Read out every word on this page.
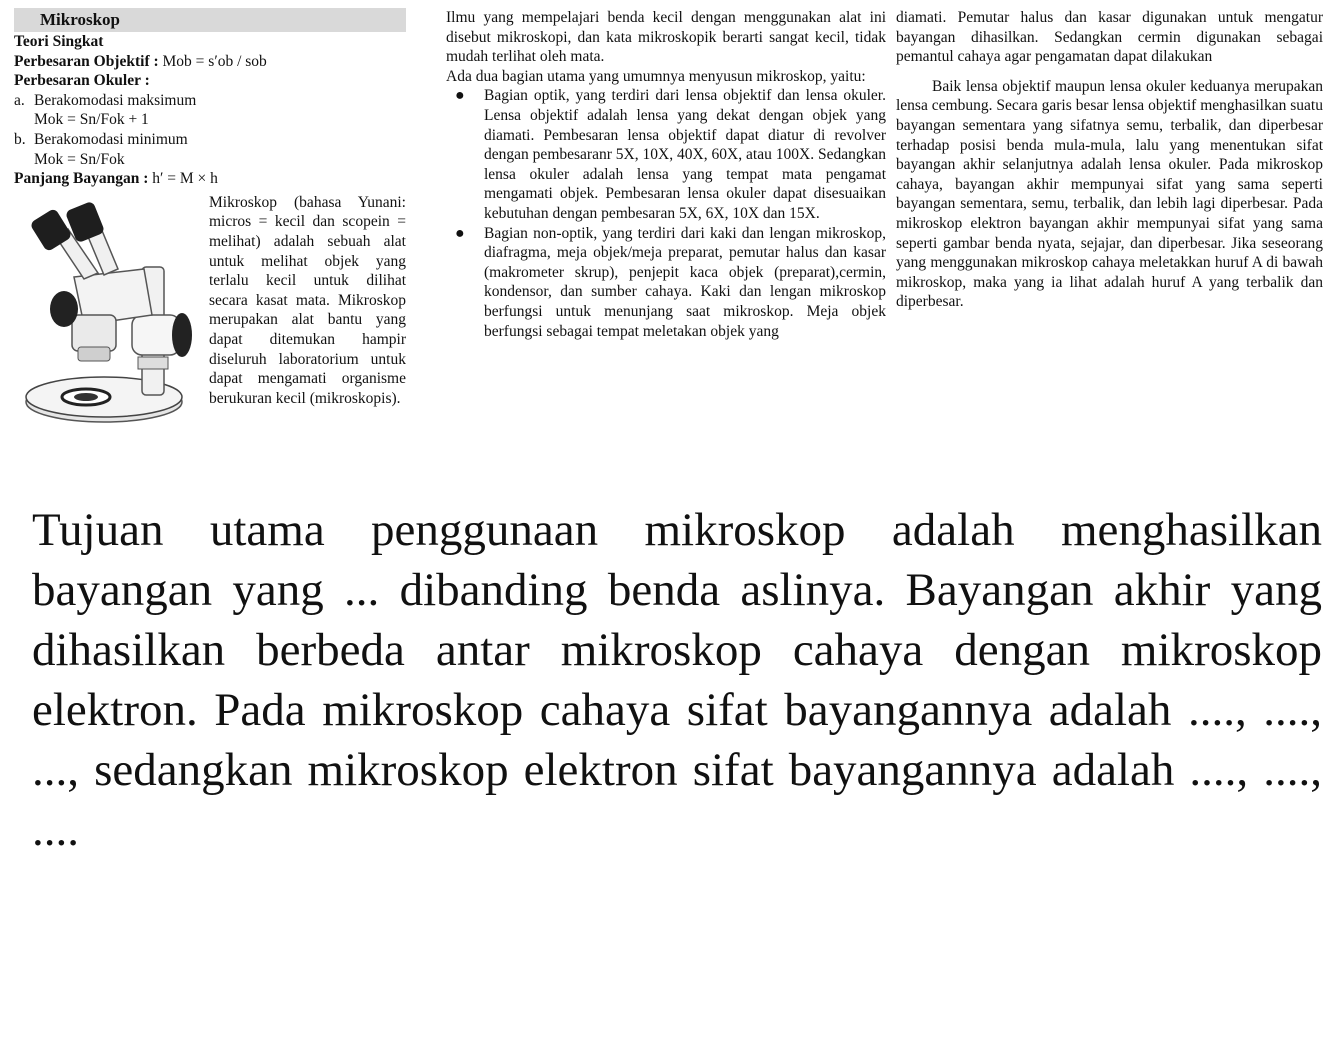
Mikroskop
Teori Singkat
Perbesaran Objektif : Mob = s′ob / sob
Perbesaran Okuler :
a. Berakomodasi maksimum
Mok = Sn/Fok + 1
b. Berakomodasi minimum
Mok = Sn/Fok
Panjang Bayangan : h′ = M × h
Mikroskop (bahasa Yunani:
micros = kecil dan scopein =
melihat) adalah sebuah alat
untuk melihat objek yang
terlalu kecil untuk dilihat
secara kasat mata. Mikroskop
merupakan alat bantu yang
dapat ditemukan hampir
diseluruh laboratorium untuk
dapat mengamati organisme
berukuran kecil (mikroskopis).
Ilmu yang mempelajari benda kecil dengan menggunakan alat ini disebut mikroskopi, dan kata mikroskopik berarti sangat kecil, tidak mudah terlihat oleh mata.
Ada dua bagian utama yang umumnya menyusun mikroskop, yaitu:
● Bagian optik, yang terdiri dari lensa objektif dan lensa okuler. Lensa objektif adalah lensa yang dekat dengan objek yang diamati. Pembesaran lensa objektif dapat diatur di revolver dengan pembesaranr 5X, 10X, 40X, 60X, atau 100X. Sedangkan lensa okuler adalah lensa yang tempat mata pengamat mengamati objek. Pembesaran lensa okuler dapat disesuaikan kebutuhan dengan pembesaran 5X, 6X, 10X dan 15X.
● Bagian non-optik, yang terdiri dari kaki dan lengan mikroskop, diafragma, meja objek/meja preparat, pemutar halus dan kasar (makrometer skrup), penjepit kaca objek (preparat),cermin, kondensor, dan sumber cahaya. Kaki dan lengan mikroskop berfungsi untuk menunjang saat mikroskop. Meja objek berfungsi sebagai tempat meletakan objek yang
diamati. Pemutar halus dan kasar digunakan untuk mengatur bayangan dihasilkan. Sedangkan cermin digunakan sebagai pemantul cahaya agar pengamatan dapat dilakukan
Baik lensa objektif maupun lensa okuler keduanya merupakan lensa cembung. Secara garis besar lensa objektif menghasilkan suatu bayangan sementara yang sifatnya semu, terbalik, dan diperbesar terhadap posisi benda mula-mula, lalu yang menentukan sifat bayangan akhir selanjutnya adalah lensa okuler. Pada mikroskop cahaya, bayangan akhir mempunyai sifat yang sama seperti bayangan sementara, semu, terbalik, dan lebih lagi diperbesar. Pada mikroskop elektron bayangan akhir mempunyai sifat yang sama seperti gambar benda nyata, sejajar, dan diperbesar. Jika seseorang yang menggunakan mikroskop cahaya meletakkan huruf A di bawah mikroskop, maka yang ia lihat adalah huruf A yang terbalik dan diperbesar.
Tujuan utama penggunaan mikroskop adalah menghasilkan bayangan yang ... dibanding benda aslinya. Bayangan akhir yang dihasilkan berbeda antar mikroskop cahaya dengan mikroskop elektron. Pada mikroskop cahaya sifat bayangannya adalah ...., ...., ..., sedangkan mikroskop elektron sifat bayangannya adalah ...., ...., ....
